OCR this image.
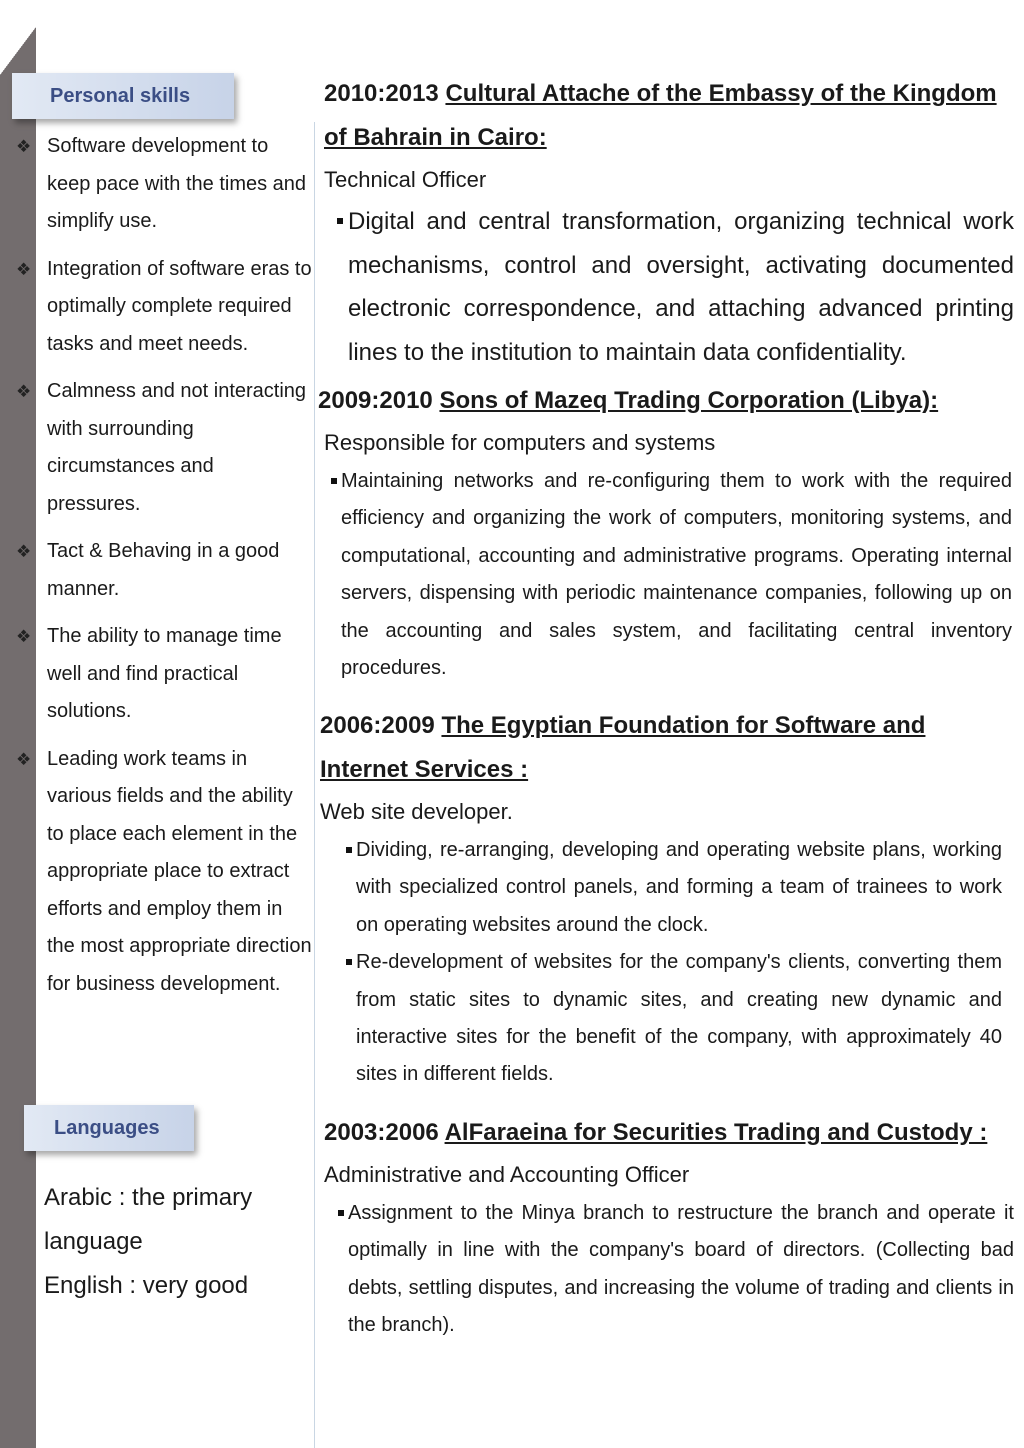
Personal skills
❖ Software development to keep pace with the times and simplify use.
❖ Integration of software eras to optimally complete required tasks and meet needs.
❖ Calmness and not interacting with surrounding circumstances and pressures.
❖ Tact & Behaving in a good manner.
❖ The ability to manage time well and find practical solutions.
❖ Leading work teams in various fields and the ability to place each element in the appropriate place to extract efforts and employ them in the most appropriate direction for business development.
Languages
Arabic : the primary
language
English : very good
2010:2013 Cultural Attache of the Embassy of the Kingdom of Bahrain in Cairo:
Technical Officer
Digital and central transformation, organizing technical work mechanisms, control and oversight, activating documented electronic correspondence, and attaching advanced printing lines to the institution to maintain data confidentiality.
2009:2010 Sons of Mazeq Trading Corporation (Libya):
Responsible for computers and systems
Maintaining networks and re-configuring them to work with the required efficiency and organizing the work of computers, monitoring systems, and computational, accounting and administrative programs. Operating internal servers, dispensing with periodic maintenance companies, following up on the accounting and sales system, and facilitating central inventory procedures.
2006:2009 The Egyptian Foundation for Software and Internet Services :
Web site developer.
Dividing, re-arranging, developing and operating website plans, working with specialized control panels, and forming a team of trainees to work on operating websites around the clock.
Re-development of websites for the company's clients, converting them from static sites to dynamic sites, and creating new dynamic and interactive sites for the benefit of the company, with approximately 40 sites in different fields.
2003:2006 AlFaraeina for Securities Trading and Custody :
Administrative and Accounting Officer
Assignment to the Minya branch to restructure the branch and operate it optimally in line with the company's board of directors. (Collecting bad debts, settling disputes, and increasing the volume of trading and clients in the branch).
